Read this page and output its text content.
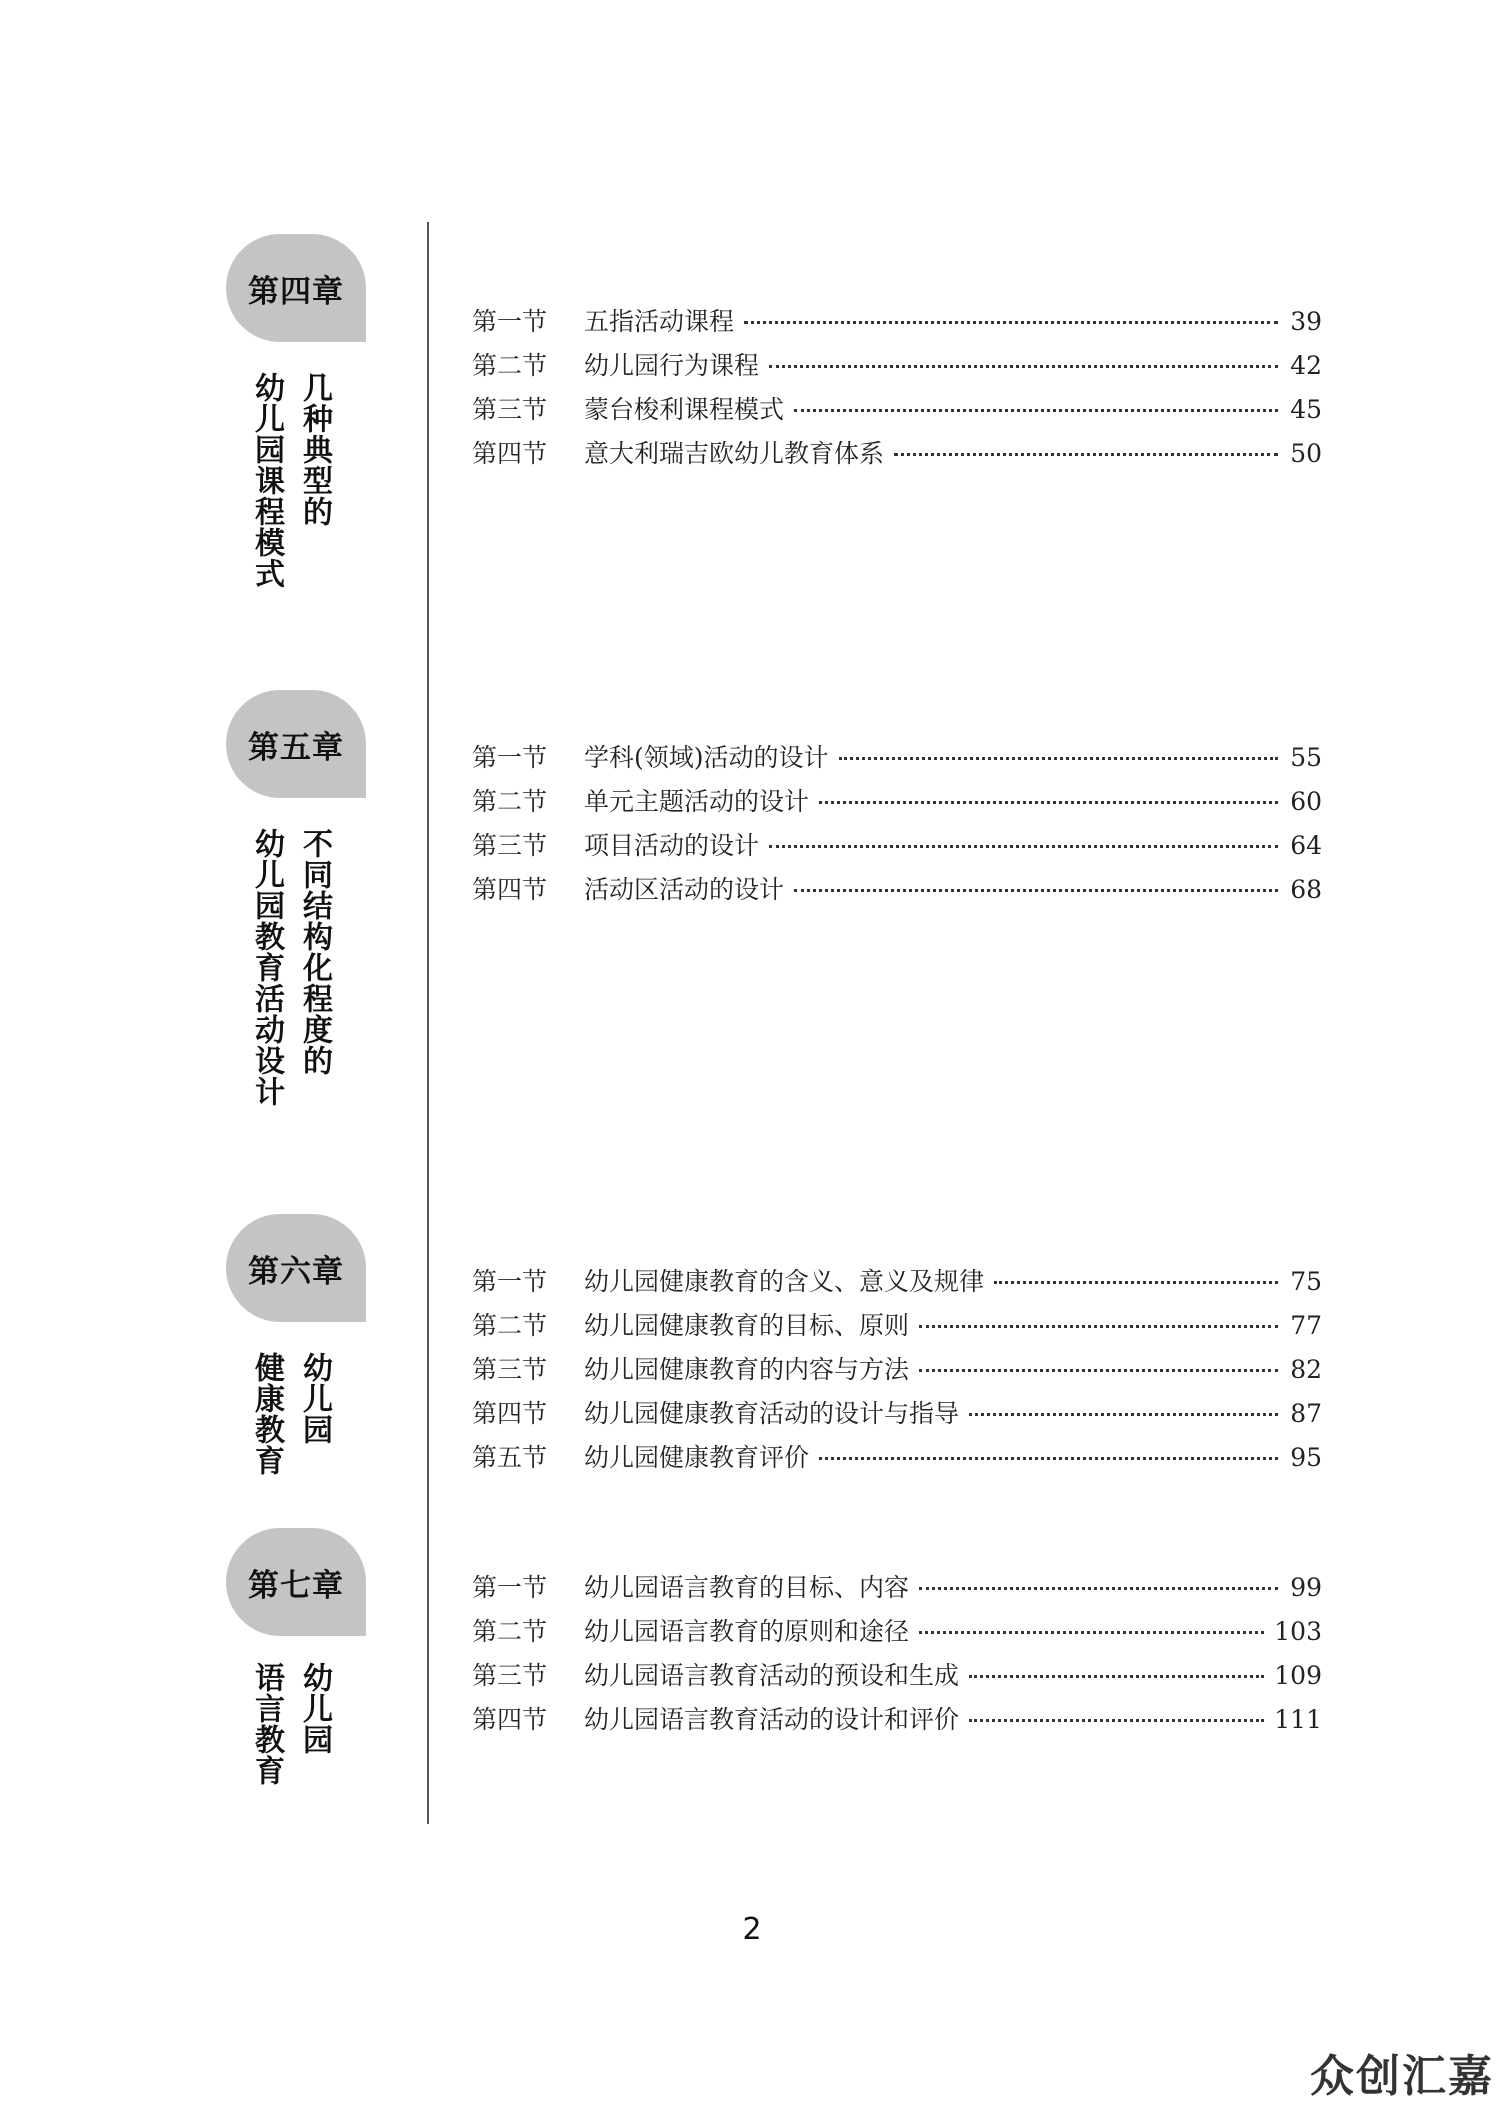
第四章
几种典型的
幼儿园课程模式
第一节	五指活动课程	39
第二节	幼儿园行为课程	42
第三节	蒙台梭利课程模式	45
第四节	意大利瑞吉欧幼儿教育体系	50
第五章
不同结构化程度的
幼儿园教育活动设计
第一节	学科(领域)活动的设计	55
第二节	单元主题活动的设计	60
第三节	项目活动的设计	64
第四节	活动区活动的设计	68
第六章
幼儿园
健康教育
第一节	幼儿园健康教育的含义、意义及规律	75
第二节	幼儿园健康教育的目标、原则	77
第三节	幼儿园健康教育的内容与方法	82
第四节	幼儿园健康教育活动的设计与指导	87
第五节	幼儿园健康教育评价	95
第七章
幼儿园
语言教育
第一节	幼儿园语言教育的目标、内容	99
第二节	幼儿园语言教育的原则和途径	103
第三节	幼儿园语言教育活动的预设和生成	109
第四节	幼儿园语言教育活动的设计和评价	111
2
众创汇嘉
